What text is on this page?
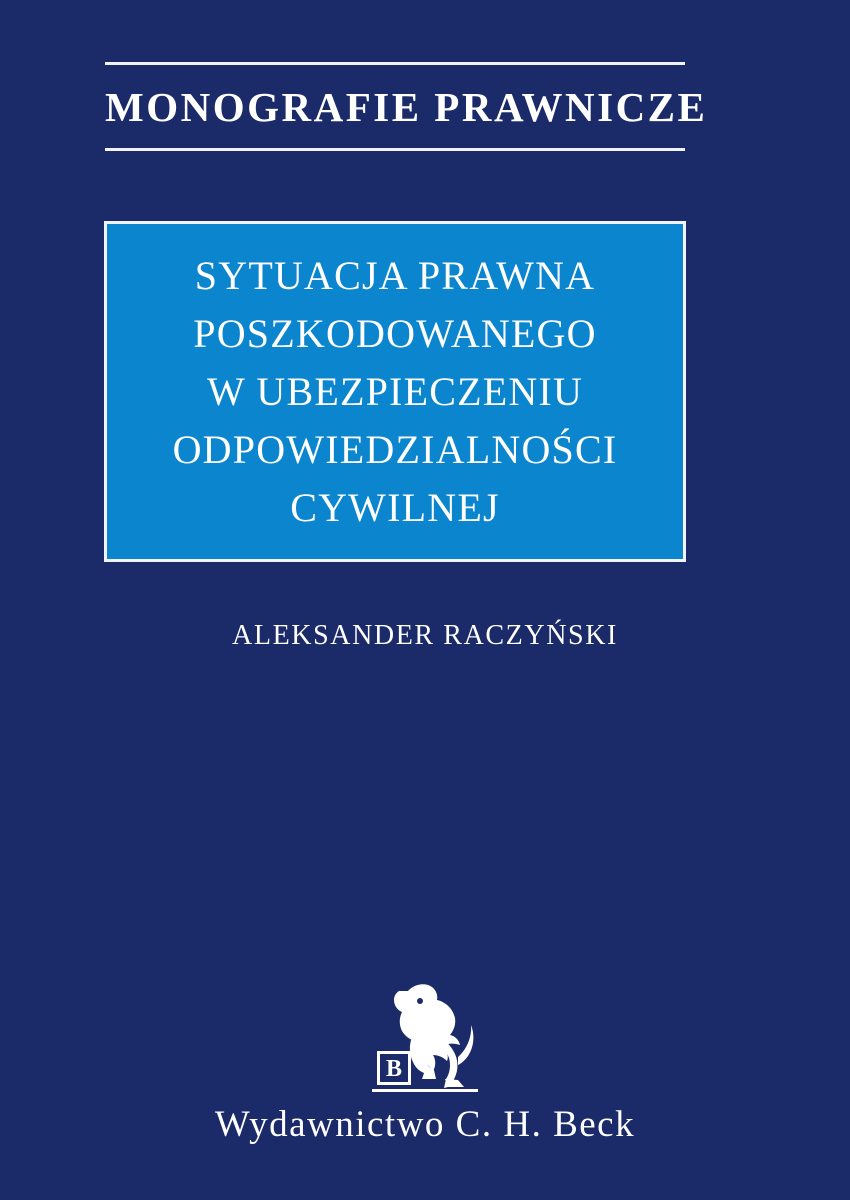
MONOGRAFIE PRAWNICZE
SYTUACJA PRAWNA
POSZKODOWANEGO
W UBEZPIECZENIU
ODPOWIEDZIALNOŚCI
CYWILNEJ
ALEKSANDER RACZYŃSKI
B
Wydawnictwo C. H. Beck
